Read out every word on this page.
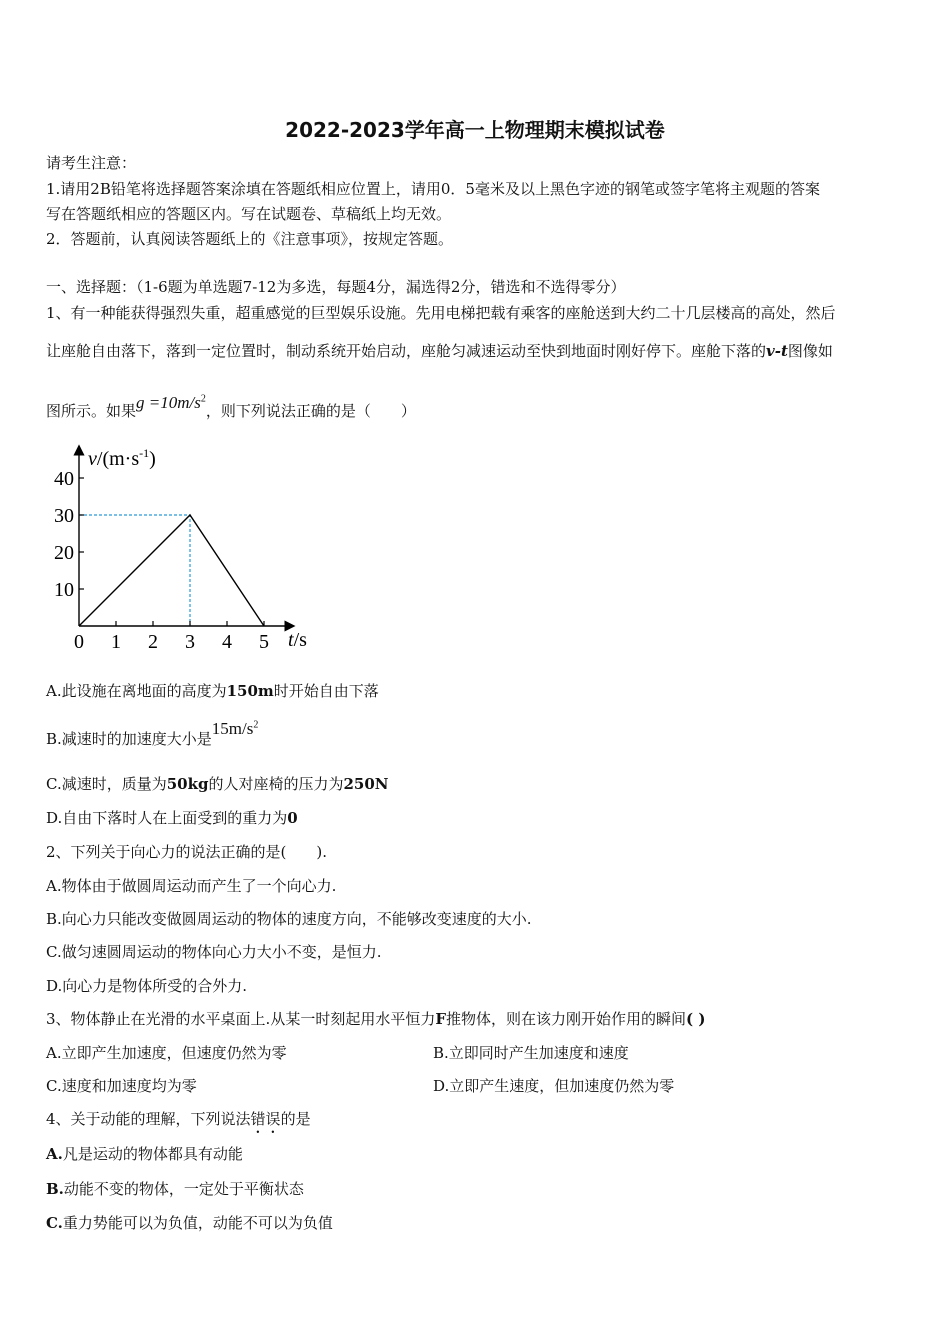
2022-2023学年高一上物理期末模拟试卷
请考生注意：
1.请用2B铅笔将选择题答案涂填在答题纸相应位置上，请用0．5毫米及以上黑色字迹的钢笔或签字笔将主观题的答案
写在答题纸相应的答题区内。写在试题卷、草稿纸上均无效。
2．答题前，认真阅读答题纸上的《注意事项》，按规定答题。
一、选择题：（1-6题为单选题7-12为多选，每题4分，漏选得2分，错选和不选得零分）
1、有一种能获得强烈失重，超重感觉的巨型娱乐设施。先用电梯把载有乘客的座舱送到大约二十几层楼高的高处，然后
让座舱自由落下，落到一定位置时，制动系统开始启动，座舱匀减速运动至快到地面时刚好停下。座舱下落的v-t图像如
图所示。如果$g =10m/s^2$，则下列说法正确的是（　　）
10
20
30
40
0 1 2 3 4 5
$v/(m\cdot s^{-1})$
t/s
A.此设施在离地面的高度为150m时开始自由下落
B.减速时的加速度大小是$15m/s^2$
C.减速时，质量为50kg的人对座椅的压力为250N
D.自由下落时人在上面受到的重力为0
2、下列关于向心力的说法正确的是(　　).
A.物体由于做圆周运动而产生了一个向心力.
B.向心力只能改变做圆周运动的物体的速度方向，不能够改变速度的大小.
C.做匀速圆周运动的物体向心力大小不变，是恒力.
D.向心力是物体所受的合外力.
3、物体静止在光滑的水平桌面上.从某一时刻起用水平恒力F推物体，则在该力刚开始作用的瞬间( )
A.立即产生加速度，但速度仍然为零	B.立即同时产生加速度和速度
C.速度和加速度均为零	D.立即产生速度，但加速度仍然为零
4、关于动能的理解，下列说法错误的是
A.凡是运动的物体都具有动能
B.动能不变的物体，一定处于平衡状态
C.重力势能可以为负值，动能不可以为负值
